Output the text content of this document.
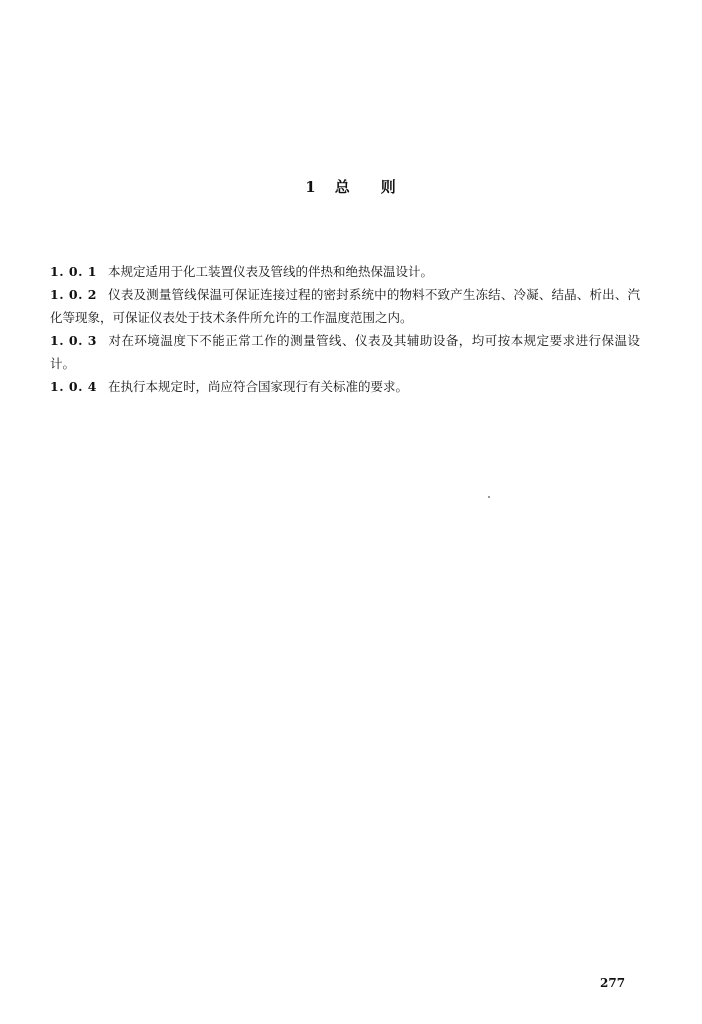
1 总 则

1. 0. 1 本规定适用于化工装置仪表及管线的伴热和绝热保温设计。

1. 0. 2 仪表及测量管线保温可保证连接过程的密封系统中的物料不致产生冻结、冷凝、结晶、析出、汽化等现象，可保证仪表处于技术条件所允许的工作温度范围之内。

1. 0. 3 对在环境温度下不能正常工作的测量管线、仪表及其辅助设备，均可按本规定要求进行保温设计。

1. 0. 4 在执行本规定时，尚应符合国家现行有关标准的要求。

277
